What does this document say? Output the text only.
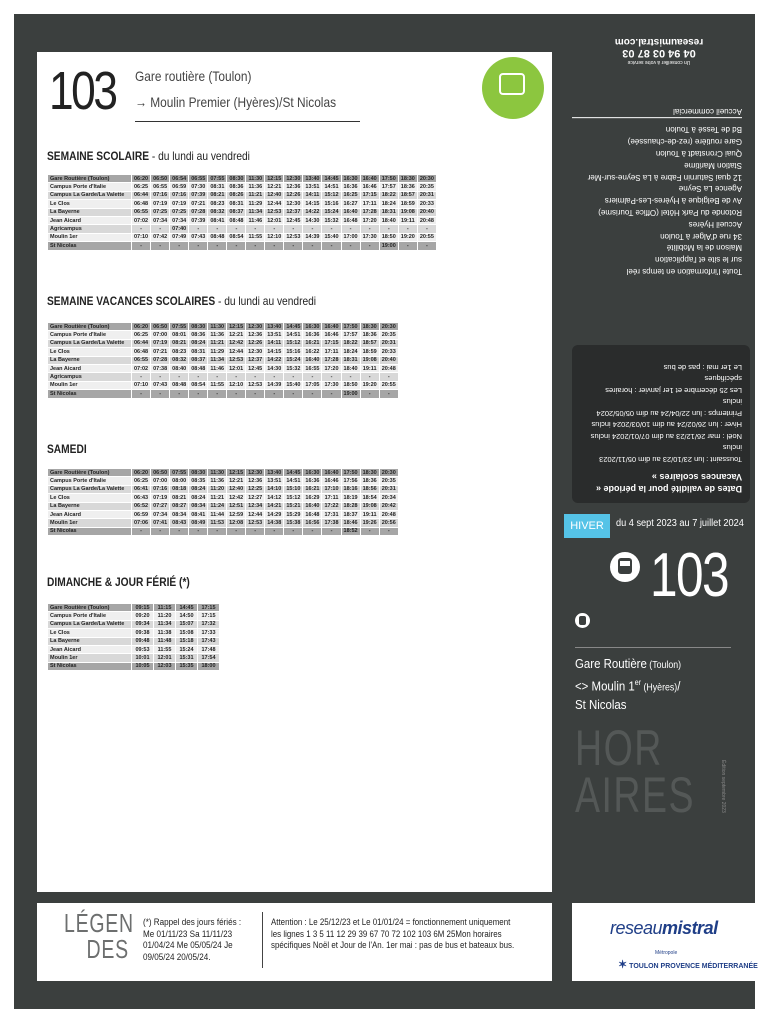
103 Gare routière (Toulon)
→ Moulin Premier (Hyères)/St Nicolas
SEMAINE SCOLAIRE - du lundi au vendredi
Gare Routière (Toulon)	06:20	06:50	06:54	06:55	07:55	08:30	11:30	12:15	12:30	13:40	14:45	16:30	16:40	17:50	18:30	20:30
Campus Porte d'Italie	06:25	06:55	06:59	07:30	08:31	08:36	11:36	12:21	12:36	13:51	14:51	16:36	16:46	17:57	18:36	20:35
Campus La Garde/La Valette	06:44	07:16	07:16	07:39	08:21	08:26	11:21	12:40	12:26	14:11	15:12	16:25	17:15	18:22	18:57	20:31
Le Clos	06:48	07:19	07:19	07:21	08:23	08:31	11:29	12:44	12:30	14:15	15:16	16:27	17:11	18:24	18:59	20:33
La Bayerne	06:55	07:25	07:25	07:28	08:32	08:37	11:34	12:53	12:37	14:22	15:24	16:40	17:28	18:31	19:08	20:40
Jean Aicard	07:02	07:34	07:34	07:39	08:41	08:48	11:46	12:01	12:45	14:30	15:32	16:48	17:20	18:40	19:11	20:48
Agricampus	-	-	07:40	-	-	-	-	-	-	-	-	-	-	-	-	-
Moulin 1er	07:10	07:42	07:49	07:43	08:48	08:54	11:55	12:10	12:53	14:39	15:40	17:00	17:30	18:50	19:20	20:55
St Nicolas	-	-	-	-	-	-	-	-	-	-	-	-	-	19:00	-	-
SEMAINE VACANCES SCOLAIRES - du lundi au vendredi
Gare Routière (Toulon)	06:20	06:50	07:55	08:30	11:30	12:15	12:30	13:40	14:45	16:30	16:40	17:50	18:30	20:30
Campus Porte d'Italie	06:25	07:00	08:01	08:36	11:36	12:21	12:36	13:51	14:51	16:36	16:46	17:57	18:36	20:35
Campus La Garde/La Valette	06:44	07:19	08:21	08:24	11:21	12:42	12:26	14:11	15:12	16:21	17:15	18:22	18:57	20:31
Le Clos	06:48	07:21	08:23	08:31	11:29	12:44	12:30	14:15	15:16	16:22	17:11	18:24	18:59	20:33
La Bayerne	06:55	07:28	08:32	08:37	11:34	12:53	12:37	14:22	15:24	16:40	17:28	18:31	19:08	20:40
Jean Aicard	07:02	07:38	08:40	08:48	11:46	12:01	12:45	14:30	15:32	16:55	17:20	18:40	19:11	20:48
Agricampus	-	-	-	-	-	-	-	-	-	-	-	-	-	-
Moulin 1er	07:10	07:43	08:48	08:54	11:55	12:10	12:53	14:39	15:40	17:05	17:30	18:50	19:20	20:55
St Nicolas	-	-	-	-	-	-	-	-	-	-	-	19:00	-	-
SAMEDI
Gare Routière (Toulon)	06:20	06:50	07:55	08:30	11:30	12:15	12:30	13:40	14:45	16:30	16:40	17:50	18:30	20:30
Campus Porte d'Italie	06:25	07:00	08:00	08:35	11:36	12:21	12:36	13:51	14:51	16:36	16:46	17:56	18:36	20:35
Campus La Garde/La Valette	06:41	07:16	08:18	08:24	11:20	12:40	12:25	14:10	15:10	16:21	17:10	18:16	18:56	20:31
Le Clos	06:43	07:19	08:21	08:24	11:21	12:42	12:27	14:12	15:12	16:29	17:11	18:19	18:54	20:34
La Bayerne	06:52	07:27	08:27	08:34	11:24	12:51	12:34	14:21	15:21	16:40	17:22	18:28	19:08	20:42
Jean Aicard	06:59	07:34	08:34	08:41	11:44	12:59	12:44	14:29	15:29	16:48	17:31	18:37	19:11	20:48
Moulin 1er	07:06	07:41	08:43	08:49	11:53	12:08	12:53	14:38	15:38	16:56	17:38	18:46	19:26	20:56
St Nicolas	-	-	-	-	-	-	-	-	-	-	-	18:52	-	-
DIMANCHE & JOUR FÉRIÉ (*)
Gare Routière (Toulon)	09:15	11:15	14:45	17:15
Campus Porte d'Italie	09:20	11:20	14:50	17:15
Campus La Garde/La Valette	09:34	11:34	15:07	17:32
Le Clos	09:38	11:38	15:08	17:33
La Bayerne	09:48	11:48	15:18	17:43
Jean Aicard	09:53	11:55	15:24	17:48
Moulin 1er	10:01	12:01	15:31	17:54
St Nicolas	10:05	12:03	15:35	18:00
LÉGEN
DES
(*) Rappel des jours fériés : Me 01/11/23 Sa 11/11/23 01/04/24 Me 05/05/24 Je 09/05/24 20/05/24.
Attention : Le 25/12/23 et Le 01/01/24 = fonctionnement uniquement les lignes 1 3 5 11 12 29 39 67 70 72 102 103 6M 25Mon horaires spécifiques Noël et Jour de l'An. 1er mai : pas de bus et bateaux bus.
reseaumistral
Métropole
✶ TOULON PROVENCE MÉDITERRANÉE
Un conseiller à votre service
04 94 03 87 03
reseaumistral.com
Toute l'information en temps réel
sur le site et l'application
Maison de la Mobilité
34 rue d'Alger à Toulon
Accueil Hyères
Rotonde du Park Hôtel (Office Tourisme)
Av de Belgique à Hyères-Les-Palmiers
Agence La Seyne
12 quai Saturnin Fabre à La Seyne-sur-Mer
Station Maritime
Quai Cronstadt à Toulon
Gare routière (rez-de-chaussée)
Bd de Tessé à Toulon
Accueil commercial
Dates de validité pour la période « Vacances scolaires »
Toussaint : lun 23/10/23 au dim 05/11/2023 inclus
Noël : mar 26/12/23 au dim 07/01/2024 inclus
Hiver : lun 26/02/24 au dim 10/03/2024 inclus
Printemps : lun 22/04/24 au dim 05/05/2024 inclus
Les 25 décembre et 1er janvier : horaires spécifiques
Le 1er mai : pas de bus
HIVER	du 4 sept 2023 au 7 juillet 2024
103
Gare Routière (Toulon)
<> Moulin 1er (Hyères)/
St Nicolas
HOR
AIRES	Édition septembre 2023
